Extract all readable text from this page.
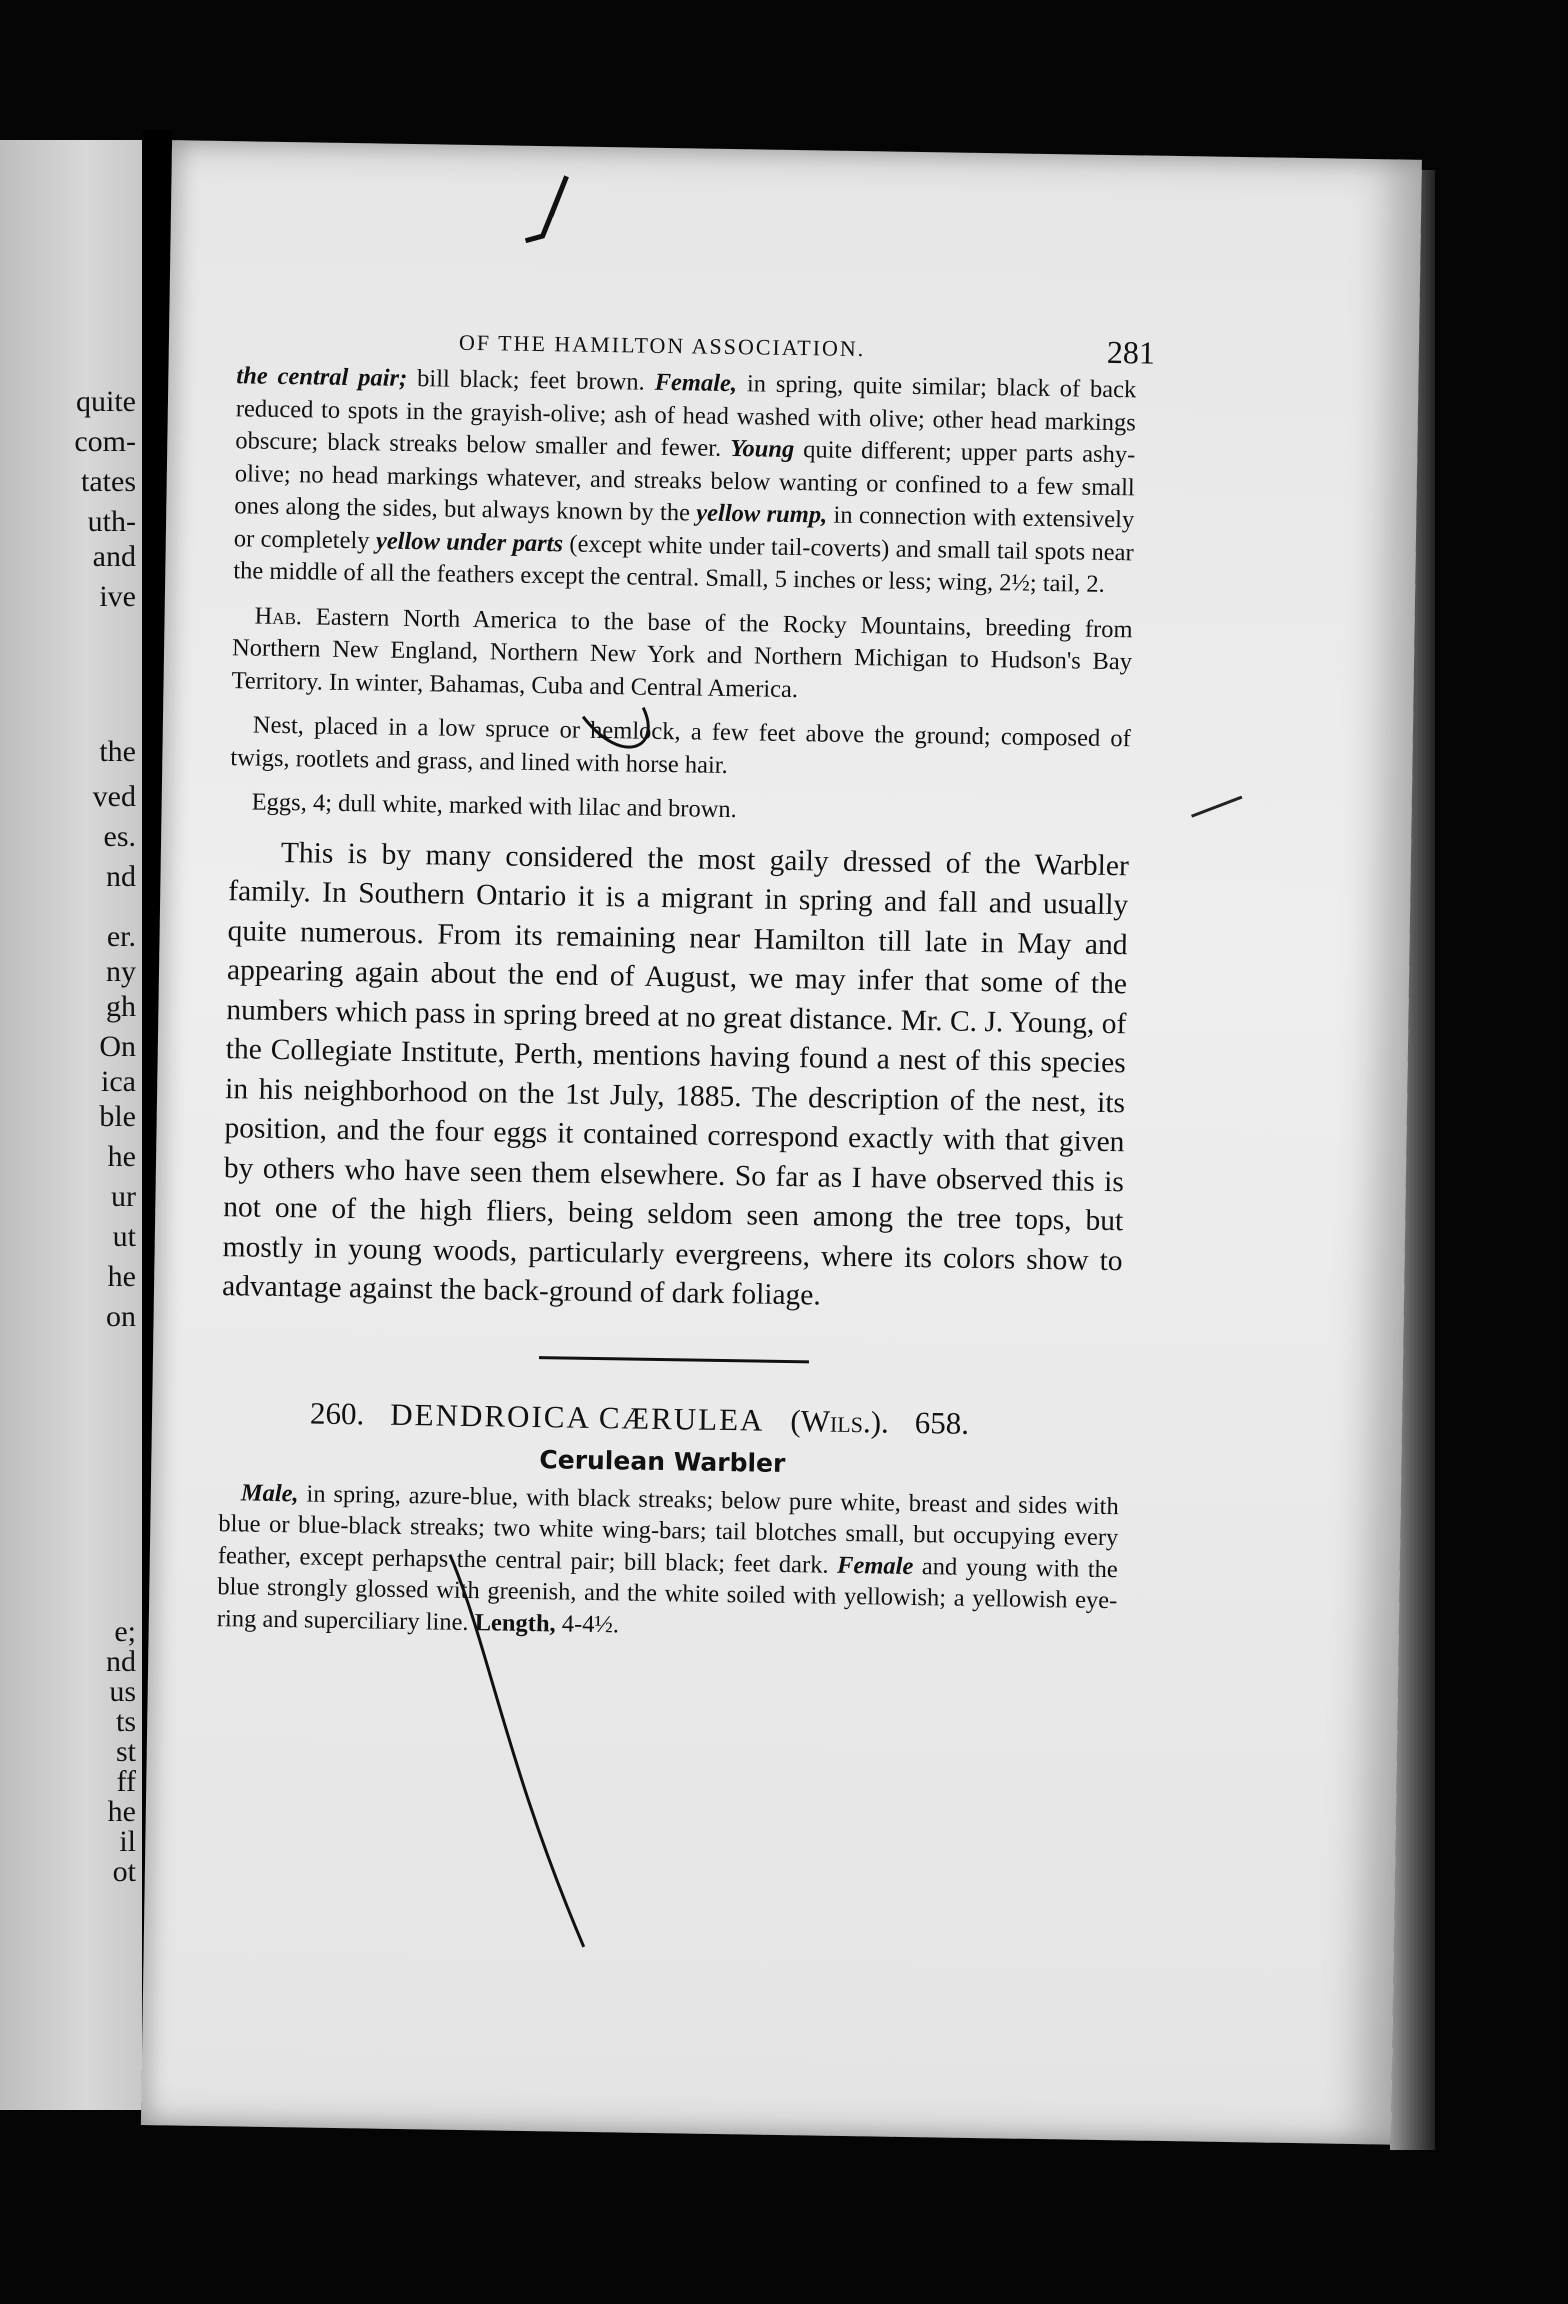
quite
com-
tates
uth-
and
ive
the
ved
es.
nd
er.
ny
gh
On
ica
ble
he
ur
ut
he
on
e;
nd
us
ts
st
ff
he
il
ot
OF THE HAMILTON ASSOCIATION.	281

the central pair; bill black; feet brown. Female, in spring, quite similar; black of back reduced to spots in the grayish-olive; ash of head washed with olive; other head markings obscure; black streaks below smaller and fewer. Young quite different; upper parts ashy-olive; no head markings whatever, and streaks below wanting or confined to a few small ones along the sides, but always known by the yellow rump, in connection with extensively or completely yellow under parts (except white under tail-coverts) and small tail spots near the middle of all the feathers except the central. Small, 5 inches or less; wing, 2½; tail, 2.

Hab. Eastern North America to the base of the Rocky Mountains, breeding from Northern New England, Northern New York and Northern Michigan to Hudson's Bay Territory. In winter, Bahamas, Cuba and Central America.

Nest, placed in a low spruce or hemlock, a few feet above the ground; composed of twigs, rootlets and grass, and lined with horse hair.

Eggs, 4; dull white, marked with lilac and brown.

This is by many considered the most gaily dressed of the Warbler family. In Southern Ontario it is a migrant in spring and fall and usually quite numerous. From its remaining near Hamilton till late in May and appearing again about the end of August, we may infer that some of the numbers which pass in spring breed at no great distance. Mr. C. J. Young, of the Collegiate Institute, Perth, mentions having found a nest of this species in his neighborhood on the 1st July, 1885. The description of the nest, its position, and the four eggs it contained correspond exactly with that given by others who have seen them elsewhere. So far as I have observed this is not one of the high fliers, being seldom seen among the tree tops, but mostly in young woods, particularly evergreens, where its colors show to advantage against the back-ground of dark foliage.

260. DENDROICA CÆRULEA (Wils.). 658.
Cerulean Warbler

Male, in spring, azure-blue, with black streaks; below pure white, breast and sides with blue or blue-black streaks; two white wing-bars; tail blotches small, but occupying every feather, except perhaps the central pair; bill black; feet dark. Female and young with the blue strongly glossed with greenish, and the white soiled with yellowish; a yellowish eye-ring and superciliary line. Length, 4-4½.
